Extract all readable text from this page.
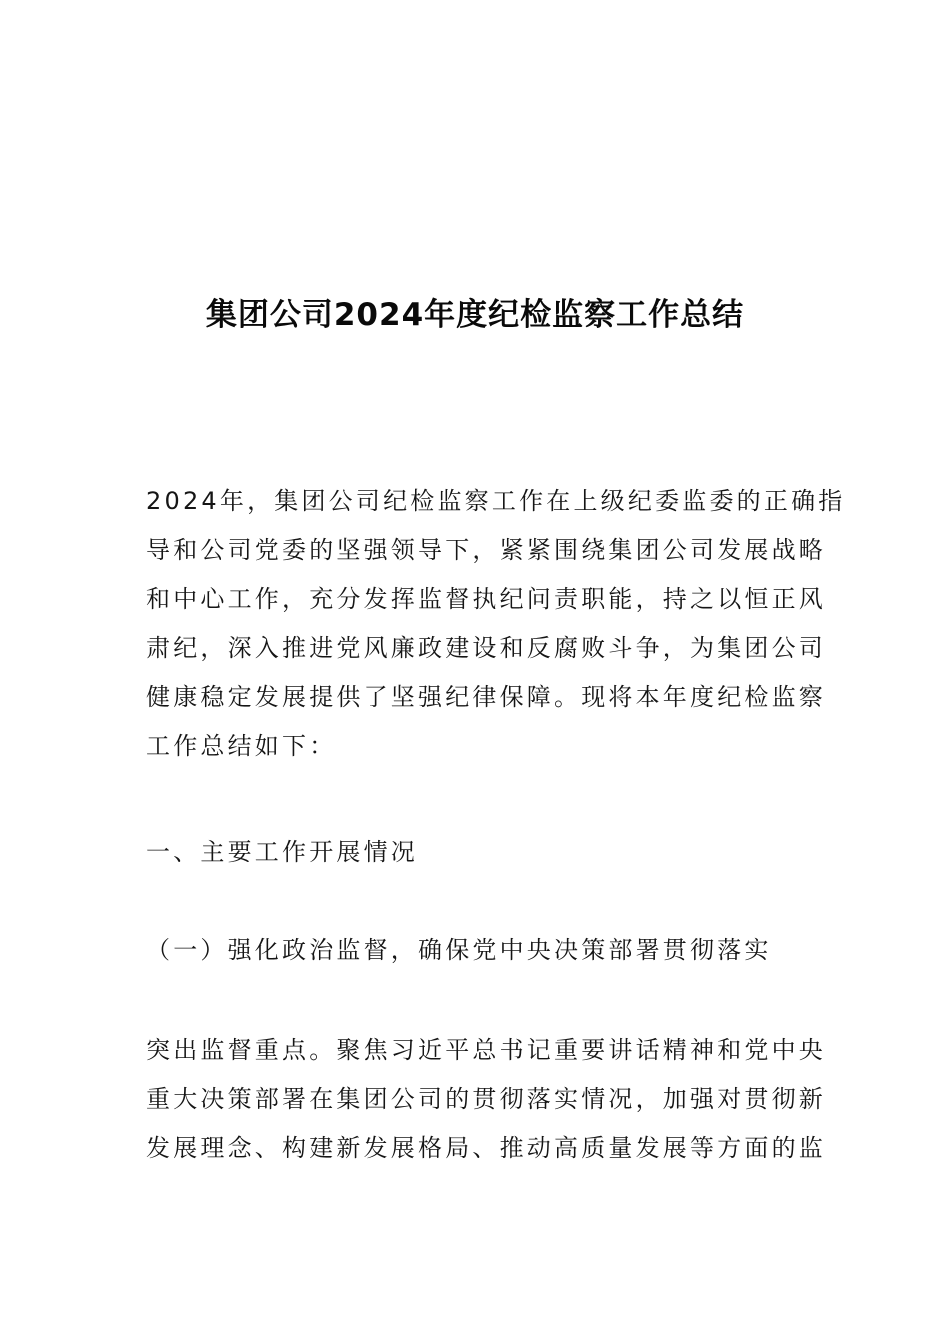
集团公司2024年度纪检监察工作总结
2024年，集团公司纪检监察工作在上级纪委监委的正确指
导和公司党委的坚强领导下，紧紧围绕集团公司发展战略
和中心工作，充分发挥监督执纪问责职能，持之以恒正风
肃纪，深入推进党风廉政建设和反腐败斗争，为集团公司
健康稳定发展提供了坚强纪律保障。现将本年度纪检监察
工作总结如下：
一、主要工作开展情况
（一）强化政治监督，确保党中央决策部署贯彻落实
突出监督重点。聚焦习近平总书记重要讲话精神和党中央
重大决策部署在集团公司的贯彻落实情况，加强对贯彻新
发展理念、构建新发展格局、推动高质量发展等方面的监
